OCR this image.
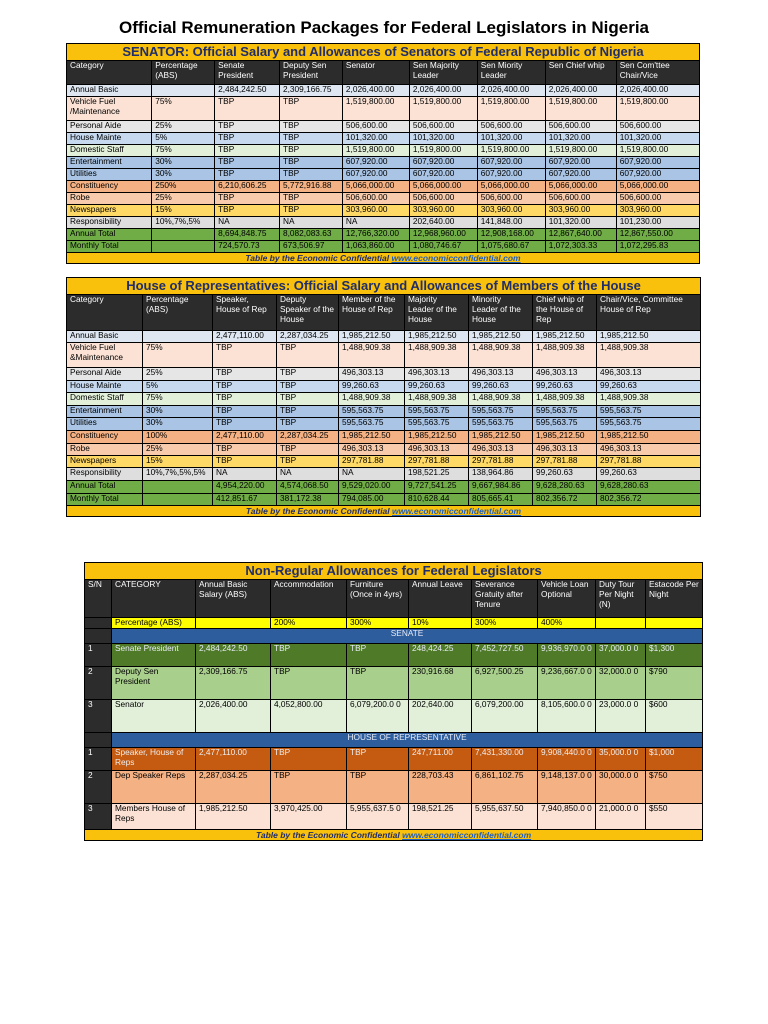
Official Remuneration Packages for Federal Legislators in Nigeria
SENATOR: Official Salary and Allowances of Senators of Federal Republic of Nigeria								
Category	Percentage (ABS)	Senate President	Deputy Sen President	Senator	Sen Majority Leader	Sen Miority Leader	Sen Chief whip	Sen Com'ttee Chair/Vice
Annual Basic		2,484,242.50	2,309,166.75	2,026,400.00	2,026,400.00	2,026,400.00	2,026,400.00	2,026,400.00
Vehicle Fuel /Maintenance	75%	TBP	TBP	1,519,800.00	1,519,800.00	1,519,800.00	1,519,800.00	1,519,800.00
Personal Aide	25%	TBP	TBP	506,600.00	506,600.00	506,600.00	506,600.00	506,600.00
House Mainte	5%	TBP	TBP	101,320.00	101,320.00	101,320.00	101,320.00	101,320.00
Domestic Staff	75%	TBP	TBP	1,519,800.00	1,519,800.00	1,519,800.00	1,519,800.00	1,519,800.00
Entertainment	30%	TBP	TBP	607,920.00	607,920.00	607,920.00	607,920.00	607,920.00
Utilities	30%	TBP	TBP	607,920.00	607,920.00	607,920.00	607,920.00	607,920.00
Constituency	250%	6,210,606.25	5,772,916.88	5,066,000.00	5,066,000.00	5,066,000.00	5,066,000.00	5,066,000.00
Robe	25%	TBP	TBP	506,600.00	506,600.00	506,600.00	506,600.00	506,600.00
Newspapers	15%	TBP	TBP	303,960.00	303,960.00	303,960.00	303,960.00	303,960.00
Responsibility	10%,7%,5%	NA	NA	NA	202,640.00	141,848.00	101,320.00	101,230.00
Annual Total		8,694,848.75	8,082,083.63	12,766,320.00	12,968,960.00	12,908,168.00	12,867,640.00	12,867,550.00
Monthly Total		724,570.73	673,506.97	1,063,860.00	1,080,746.67	1,075,680.67	1,072,303.33	1,072,295.83
Table by the Economic Confidential www.economicconfidential.com								
House of Representatives: Official Salary and Allowances of Members of the House								
Category	Percentage (ABS)	Speaker, House of Rep	Deputy Speaker of the House	Member of the House of Rep	Majority Leader of the House	Minority Leader of the House	Chief whip of the House of Rep	Chair/Vice, Committee House of Rep
Annual Basic		2,477,110.00	2,287,034.25	1,985,212.50	1,985,212.50	1,985,212.50	1,985,212.50	1,985,212.50
Vehicle Fuel &Maintenance	75%	TBP	TBP	1,488,909.38	1,488,909.38	1,488,909.38	1,488,909.38	1,488,909.38
Personal Aide	25%	TBP	TBP	496,303.13	496,303.13	496,303.13	496,303.13	496,303.13
House Mainte	5%	TBP	TBP	99,260.63	99,260.63	99,260.63	99,260.63	99,260.63
Domestic Staff	75%	TBP	TBP	1,488,909.38	1,488,909.38	1,488,909.38	1,488,909.38	1,488,909.38
Entertainment	30%	TBP	TBP	595,563.75	595,563.75	595,563.75	595,563.75	595,563.75
Utilities	30%	TBP	TBP	595,563.75	595,563.75	595,563.75	595,563.75	595,563.75
Constituency	100%	2,477,110.00	2,287,034.25	1,985,212.50	1,985,212.50	1,985,212.50	1,985,212.50	1,985,212.50
Robe	25%	TBP	TBP	496,303.13	496,303.13	496,303.13	496,303.13	496,303.13
Newspapers	15%	TBP	TBP	297,781.88	297,781.88	297,781.88	297,781.88	297,781.88
Responsibility	10%,7%,5%,5%	NA	NA	NA	198,521.25	138,964.86	99,260.63	99,260.63
Annual Total		4,954,220.00	4,574,068.50	9,529,020.00	9,727,541.25	9,667,984.86	9,628,280.63	9,628,280.63
Monthly Total		412,851.67	381,172.38	794,085.00	810,628.44	805,665.41	802,356.72	802,356.72
Table by the Economic Confidential www.economicconfidential.com								
Non-Regular Allowances for Federal Legislators									
S/N	CATEGORY	Annual Basic Salary (ABS)	Accommodation	Furniture (Once in 4yrs)	Annual Leave	Severance Gratuity after Tenure	Vehicle Loan Optional	Duty Tour Per Night (N)	Estacode Per Night
	Percentage (ABS)		200%	300%	10%	300%	400%		
	SENATE								
1	Senate President	2,484,242.50	TBP	TBP	248,424.25	7,452,727.50	9,936,970.0 0	37,000.0 0	$1,300
2	Deputy Sen President	2,309,166.75	TBP	TBP	230,916.68	6,927,500.25	9,236,667.0 0	32,000.0 0	$790
3	Senator	2,026,400.00	4,052,800.00	6,079,200.0 0	202,640.00	6,079,200.00	8,105,600.0 0	23,000.0 0	$600
	HOUSE OF REPRESENTATIVE								
1	Speaker, House of Reps	2,477,110.00	TBP	TBP	247,711.00	7,431,330.00	9,908,440.0 0	35,000.0 0	$1,000
2	Dep Speaker Reps	2,287,034.25	TBP	TBP	228,703.43	6,861,102.75	9,148,137.0 0	30,000.0 0	$750
3	Members House of Reps	1,985,212.50	3,970,425.00	5,955,637.5 0	198,521.25	5,955,637.50	7,940,850.0 0	21,000.0 0	$550
Table by the Economic Confidential www.economicconfidential.com									
